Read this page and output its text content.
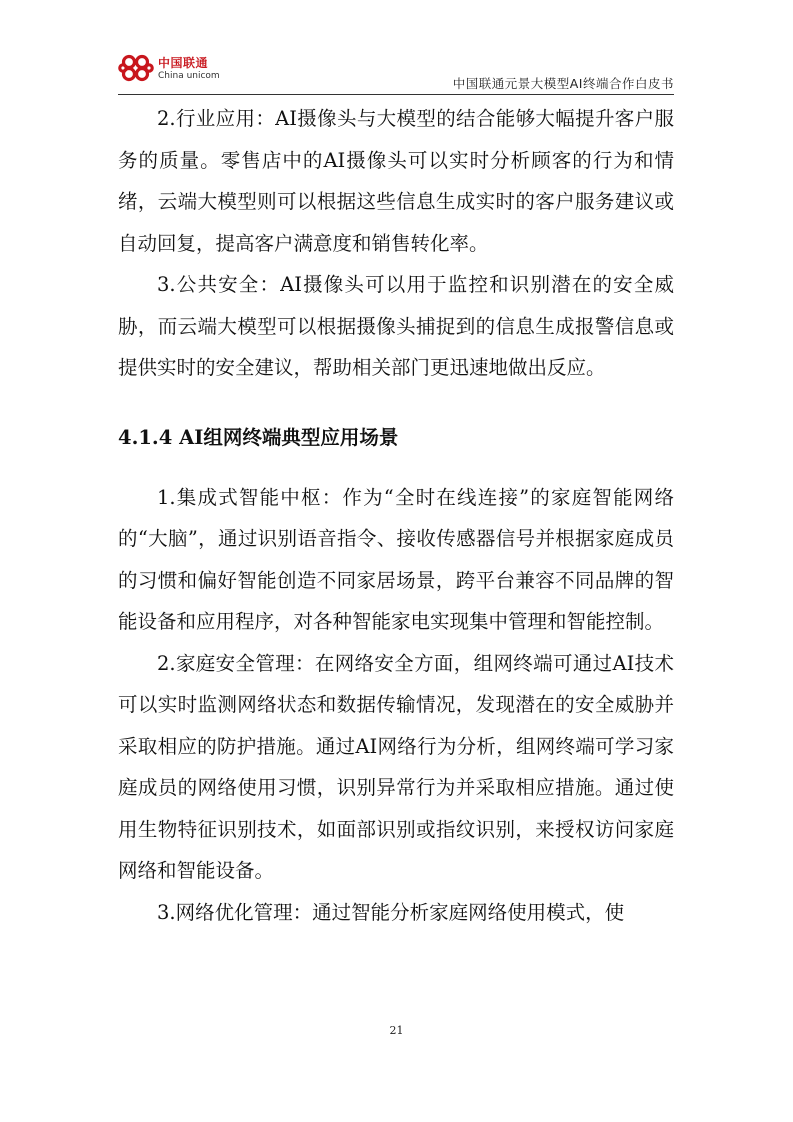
中国联通
China unicom	中国联通元景大模型AI终端合作白皮书

2.行业应用：AI摄像头与大模型的结合能够大幅提升客户服务的质量。零售店中的AI摄像头可以实时分析顾客的行为和情绪，云端大模型则可以根据这些信息生成实时的客户服务建议或自动回复，提高客户满意度和销售转化率。

3.公共安全：AI摄像头可以用于监控和识别潜在的安全威胁，而云端大模型可以根据摄像头捕捉到的信息生成报警信息或提供实时的安全建议，帮助相关部门更迅速地做出反应。

4.1.4 AI组网终端典型应用场景

1.集成式智能中枢：作为“全时在线连接”的家庭智能网络的“大脑”，通过识别语音指令、接收传感器信号并根据家庭成员的习惯和偏好智能创造不同家居场景，跨平台兼容不同品牌的智能设备和应用程序，对各种智能家电实现集中管理和智能控制。

2.家庭安全管理：在网络安全方面，组网终端可通过AI技术可以实时监测网络状态和数据传输情况，发现潜在的安全威胁并采取相应的防护措施。通过AI网络行为分析，组网终端可学习家庭成员的网络使用习惯，识别异常行为并采取相应措施。通过使用生物特征识别技术，如面部识别或指纹识别，来授权访问家庭网络和智能设备。

3.网络优化管理：通过智能分析家庭网络使用模式，使

21
